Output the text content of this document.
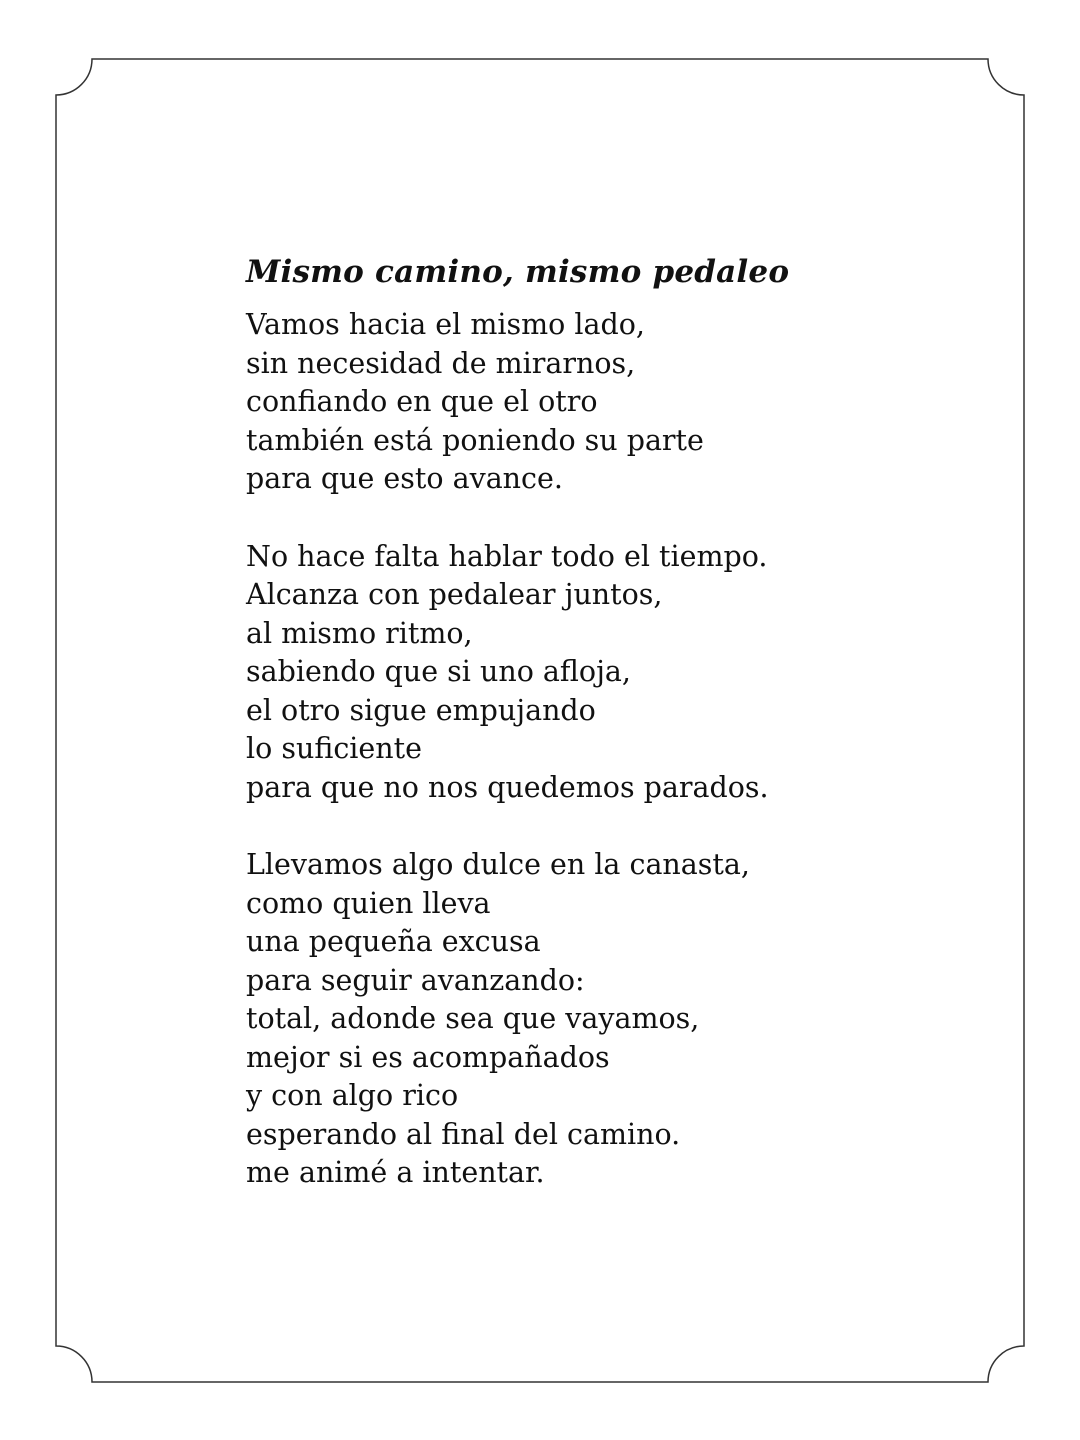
Mismo camino, mismo pedaleo
Vamos hacia el mismo lado,
sin necesidad de mirarnos,
confiando en que el otro
también está poniendo su parte
para que esto avance.
No hace falta hablar todo el tiempo.
Alcanza con pedalear juntos,
al mismo ritmo,
sabiendo que si uno afloja,
el otro sigue empujando
lo suficiente
para que no nos quedemos parados.
Llevamos algo dulce en la canasta,
como quien lleva
una pequeña excusa
para seguir avanzando:
total, adonde sea que vayamos,
mejor si es acompañados
y con algo rico
esperando al final del camino.
me animé a intentar.
